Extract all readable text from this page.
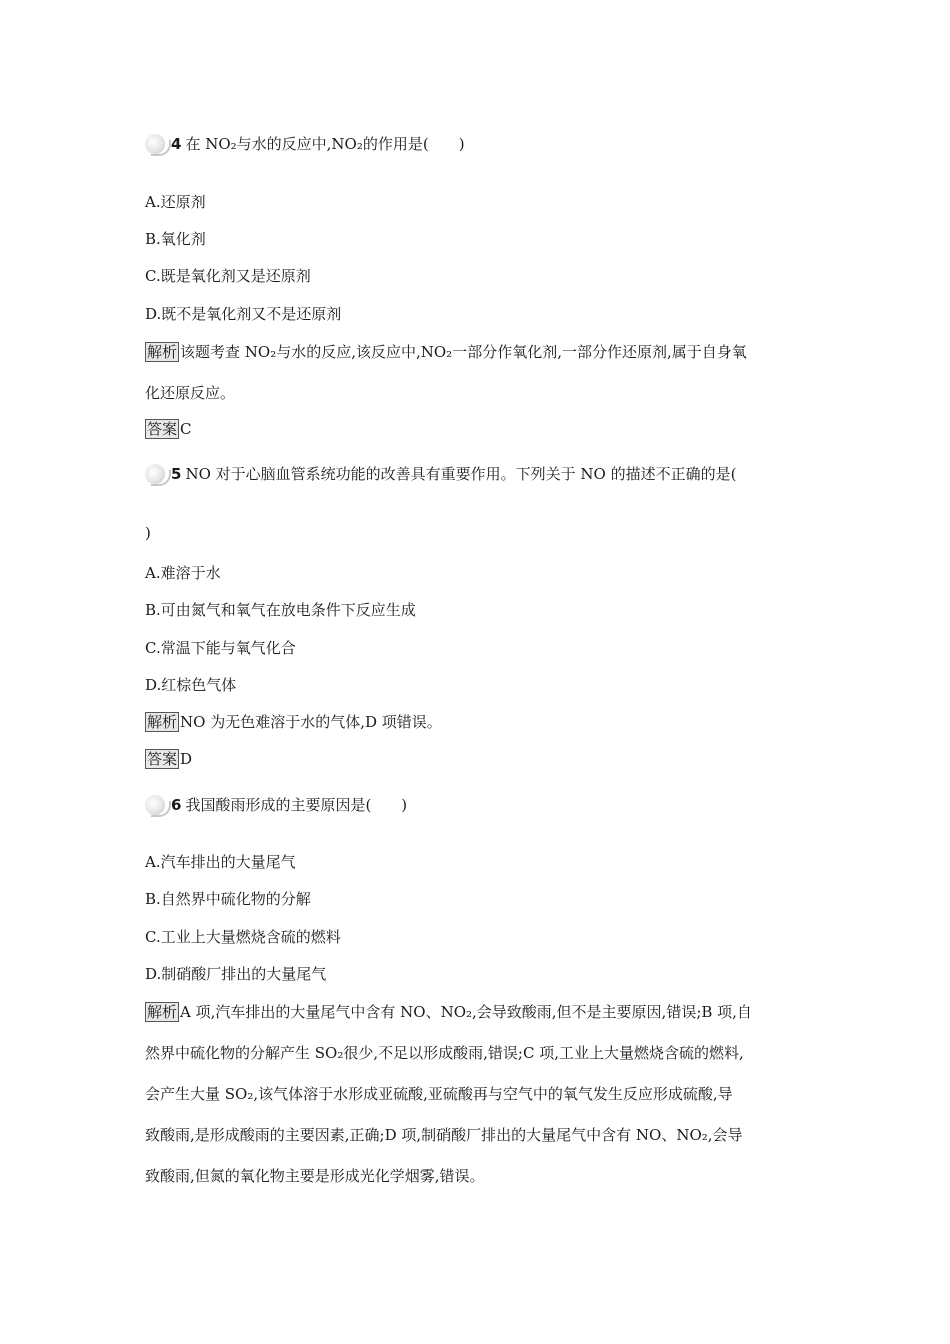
4 在 NO₂与水的反应中,NO₂的作用是(　　)
A.还原剂
B.氧化剂
C.既是氧化剂又是还原剂
D.既不是氧化剂又不是还原剂
解析 该题考查 NO₂与水的反应,该反应中,NO₂一部分作氧化剂,一部分作还原剂,属于自身氧
化还原反应。
答案 C
5 NO 对于心脑血管系统功能的改善具有重要作用。下列关于 NO 的描述不正确的是(
)
A.难溶于水
B.可由氮气和氧气在放电条件下反应生成
C.常温下能与氧气化合
D.红棕色气体
解析 NO 为无色难溶于水的气体,D 项错误。
答案 D
6 我国酸雨形成的主要原因是(　　)
A.汽车排出的大量尾气
B.自然界中硫化物的分解
C.工业上大量燃烧含硫的燃料
D.制硝酸厂排出的大量尾气
解析 A 项,汽车排出的大量尾气中含有 NO、NO₂,会导致酸雨,但不是主要原因,错误;B 项,自
然界中硫化物的分解产生 SO₂很少,不足以形成酸雨,错误;C 项,工业上大量燃烧含硫的燃料,
会产生大量 SO₂,该气体溶于水形成亚硫酸,亚硫酸再与空气中的氧气发生反应形成硫酸,导
致酸雨,是形成酸雨的主要因素,正确;D 项,制硝酸厂排出的大量尾气中含有 NO、NO₂,会导
致酸雨,但氮的氧化物主要是形成光化学烟雾,错误。
